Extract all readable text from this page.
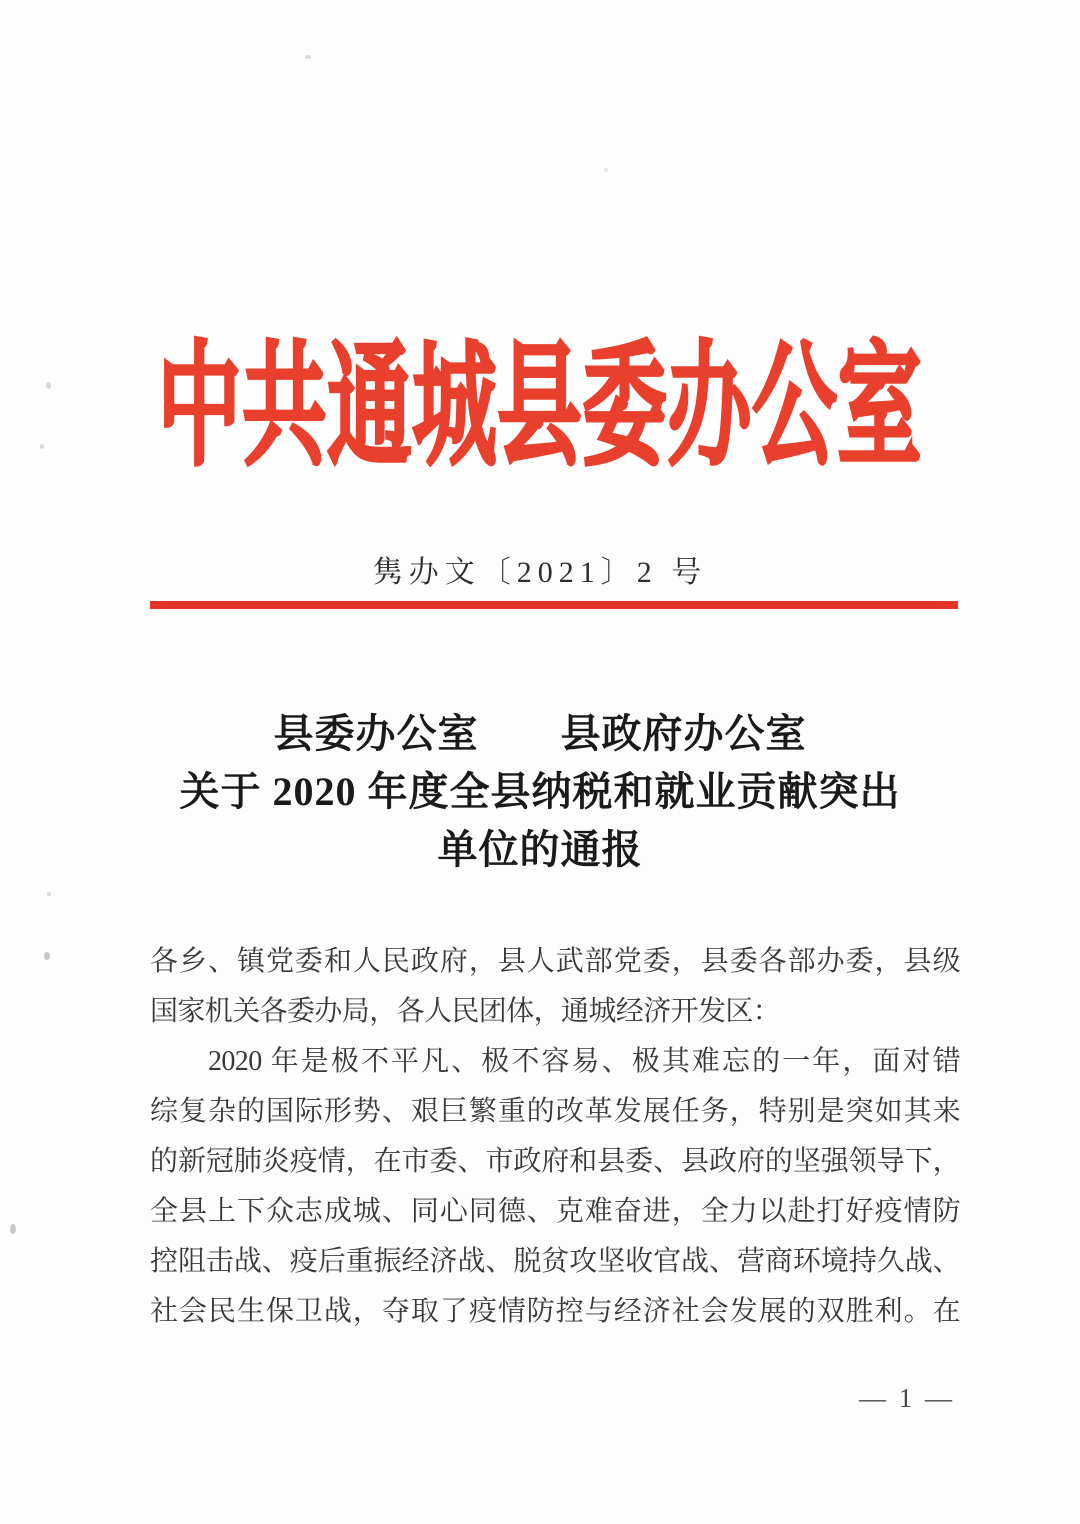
中共通城县委办公室
隽办文〔2021〕2 号
县委办公室　　县政府办公室
关于 2020 年度全县纳税和就业贡献突出
单位的通报

各乡、镇党委和人民政府，县人武部党委，县委各部办委，县级

国家机关各委办局，各人民团体，通城经济开发区：

2020 年是极不平凡、极不容易、极其难忘的一年，面对错

综复杂的国际形势、艰巨繁重的改革发展任务，特别是突如其来

的新冠肺炎疫情，在市委、市政府和县委、县政府的坚强领导下，

全县上下众志成城、同心同德、克难奋进，全力以赴打好疫情防

控阻击战、疫后重振经济战、脱贫攻坚收官战、营商环境持久战、

社会民生保卫战，夺取了疫情防控与经济社会发展的双胜利。在

— 1 —
